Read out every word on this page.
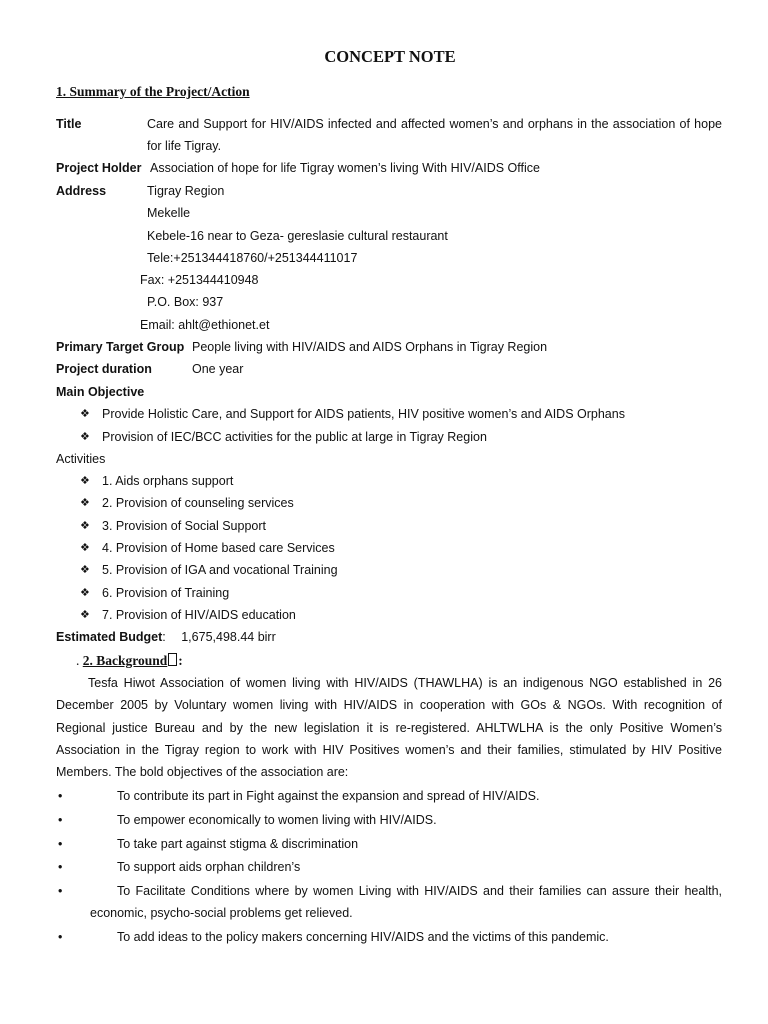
CONCEPT NOTE
1. Summary of the Project/Action
Title	Care and Support for HIV/AIDS infected and affected women’s and orphans in the association of hope
for life Tigray.
Project Holder Association of hope for life Tigray women’s living With HIV/AIDS Office
Address	Tigray Region
Mekelle
Kebele-16 near to Geza- gereslasie cultural restaurant
Tele:+251344418760/+251344411017
Fax: +251344410948
P.O. Box: 937
Email: ahlt@ethionet.et
Primary Target Group People living with HIV/AIDS and AIDS Orphans in Tigray Region
Project duration	One year
Main Objective
❖ Provide Holistic Care, and Support for AIDS patients, HIV positive women’s and AIDS Orphans
❖ Provision of IEC/BCC activities for the public at large in Tigray Region
Activities
❖ 1. Aids orphans support
❖ 2. Provision of counseling services
❖ 3. Provision of Social Support
❖ 4. Provision of Home based care Services
❖ 5. Provision of IGA and vocational Training
❖ 6. Provision of Training
❖ 7. Provision of HIV/AIDS education
Estimated Budget: 1,675,498.44 birr
. 2. Background :
Tesfa Hiwot Association of women living with HIV/AIDS (THAWLHA) is an indigenous NGO established in 26
December 2005 by Voluntary women living with HIV/AIDS in cooperation with GOs & NGOs. With recognition of
Regional justice Bureau and by the new legislation it is re-registered. AHLTWLHA is the only Positive Women’s
Association in the Tigray region to work with HIV Positives women’s and their families, stimulated by HIV Positive
Members. The bold objectives of the association are:
•	To contribute its part in Fight against the expansion and spread of HIV/AIDS.
•	To empower economically to women living with HIV/AIDS.
•	To take part against stigma & discrimination
•	To support aids orphan children’s
•	To Facilitate Conditions where by women Living with HIV/AIDS and their families can assure their health,
economic, psycho-social problems get relieved.
•	To add ideas to the policy makers concerning HIV/AIDS and the victims of this pandemic.
